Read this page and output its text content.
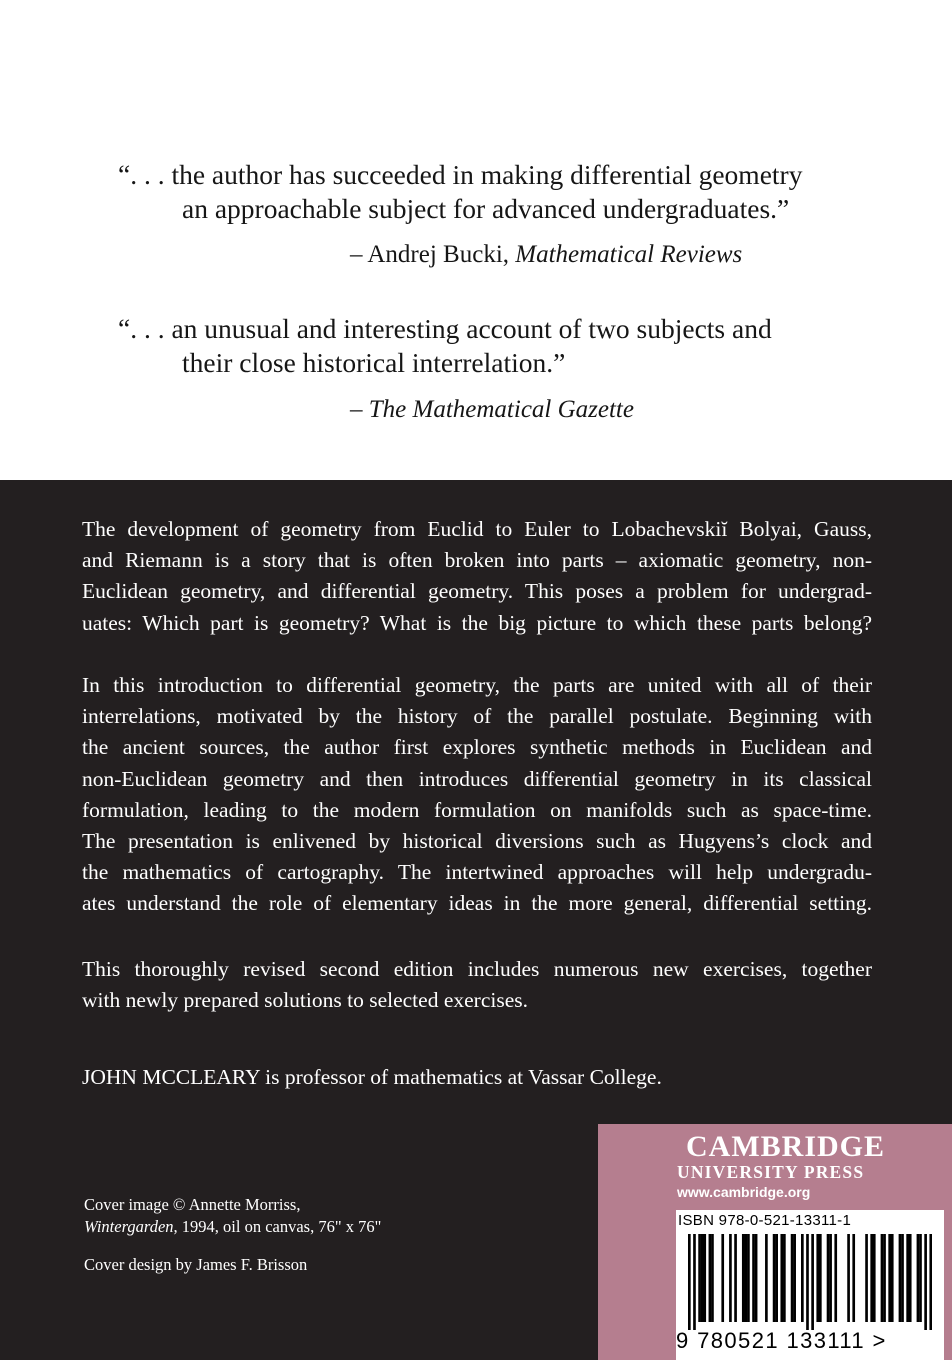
“. . . the author has succeeded in making differential geometry
an approachable subject for advanced undergraduates.”
– Andrej Bucki, Mathematical Reviews
“. . . an unusual and interesting account of two subjects and
their close historical interrelation.”
– The Mathematical Gazette
The development of geometry from Euclid to Euler to Lobachevskiĭ Bolyai, Gauss,
and Riemann is a story that is often broken into parts – axiomatic geometry, non-
Euclidean geometry, and differential geometry. This poses a problem for undergrad-
uates: Which part is geometry? What is the big picture to which these parts belong?
In this introduction to differential geometry, the parts are united with all of their
interrelations, motivated by the history of the parallel postulate. Beginning with
the ancient sources, the author first explores synthetic methods in Euclidean and
non-Euclidean geometry and then introduces differential geometry in its classical
formulation, leading to the modern formulation on manifolds such as space-time.
The presentation is enlivened by historical diversions such as Hugyens’s clock and
the mathematics of cartography. The intertwined approaches will help undergradu-
ates understand the role of elementary ideas in the more general, differential setting.
This thoroughly revised second edition includes numerous new exercises, together
with newly prepared solutions to selected exercises.
JOHN MCCLEARY is professor of mathematics at Vassar College.
Cover image © Annette Morriss,
Wintergarden, 1994, oil on canvas, 76" x 76"
Cover design by James F. Brisson
CAMBRIDGE
UNIVERSITY PRESS
www.cambridge.org
ISBN 978-0-521-13311-1
9 780521 133111 >
